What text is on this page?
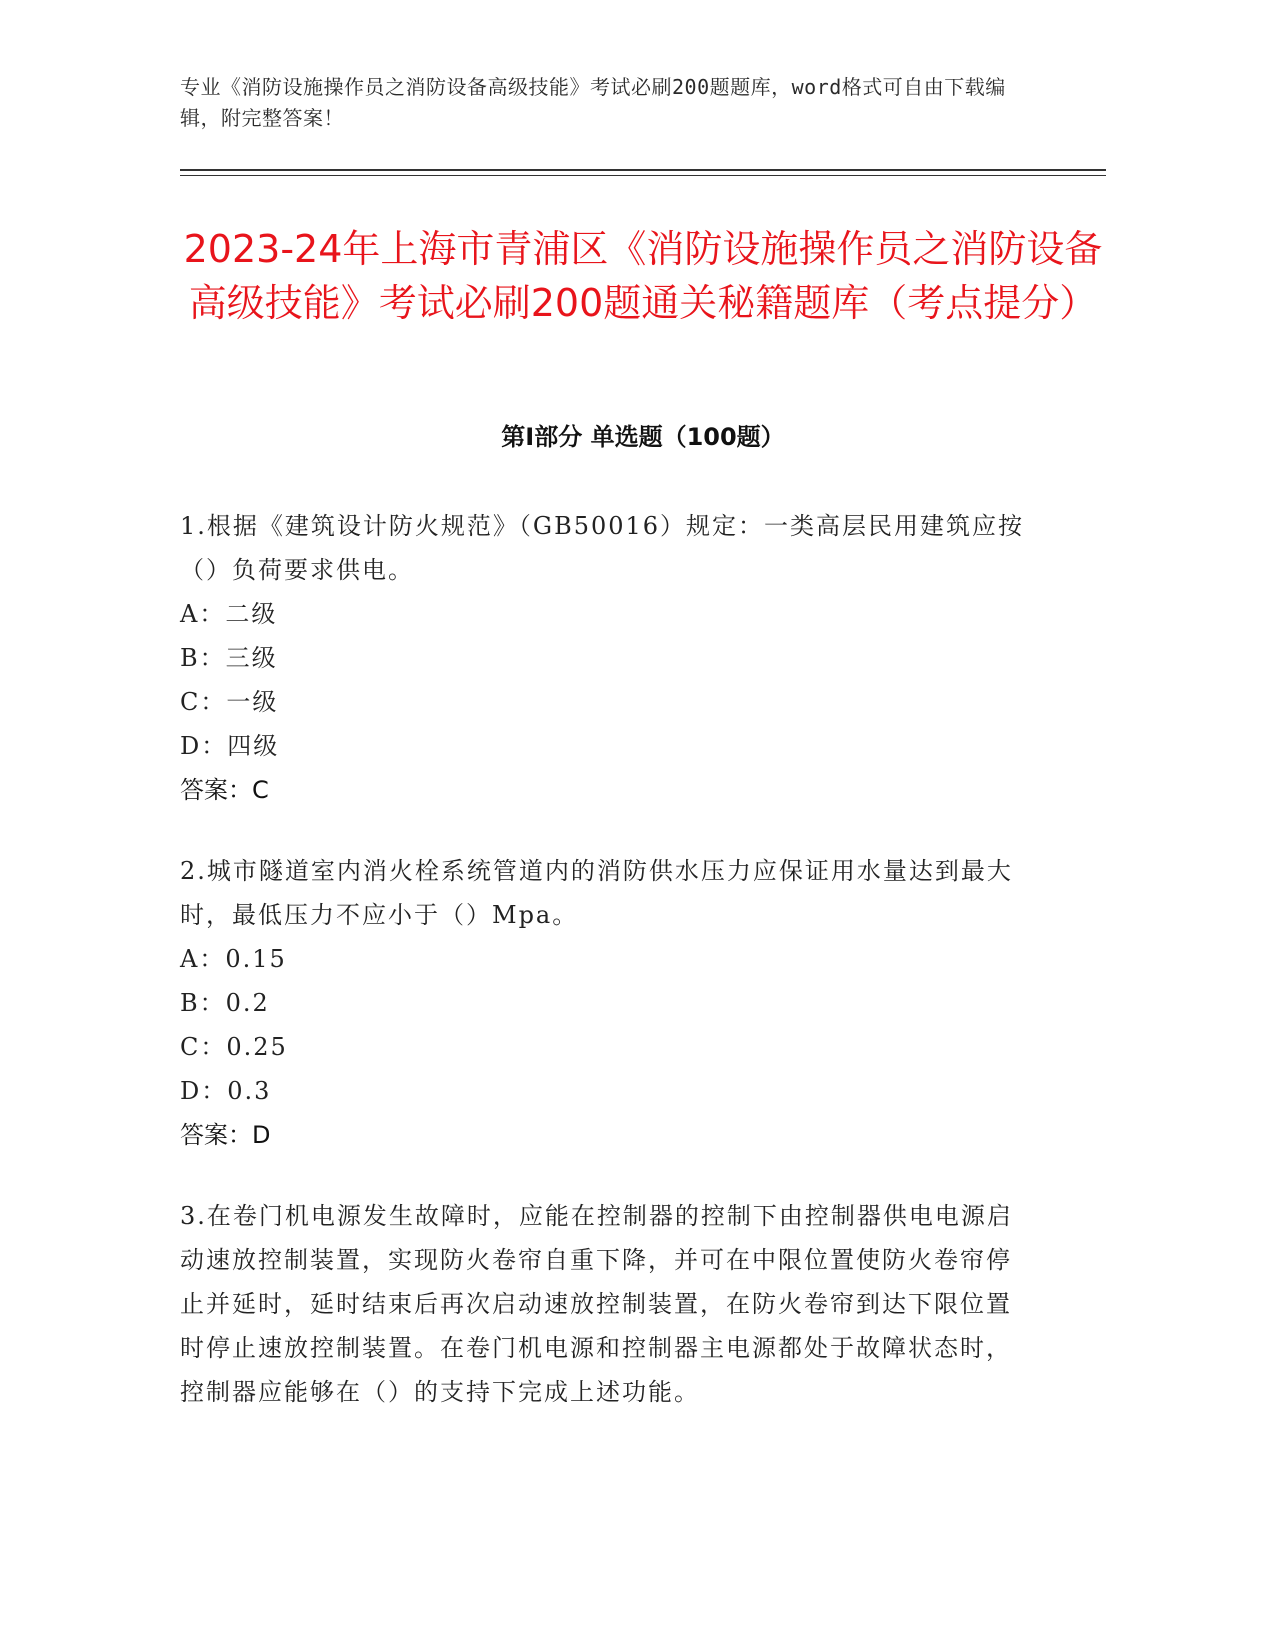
专业《消防设施操作员之消防设备高级技能》考试必刷200题题库，word格式可自由下载编辑，附完整答案！
2023-24年上海市青浦区《消防设施操作员之消防设备高级技能》考试必刷200题通关秘籍题库（考点提分）
第Ⅰ部分 单选题（100题）

1.根据《建筑设计防火规范》（GB50016）规定：一类高层民用建筑应按（）负荷要求供电。

A：二级

B：三级

C：一级

D：四级

答案：C

2.城市隧道室内消火栓系统管道内的消防供水压力应保证用水量达到最大时，最低压力不应小于（）Mpa。

A：0.15

B：0.2

C：0.25

D：0.3

答案：D

3.在卷门机电源发生故障时，应能在控制器的控制下由控制器供电电源启动速放控制装置，实现防火卷帘自重下降，并可在中限位置使防火卷帘停止并延时，延时结束后再次启动速放控制装置，在防火卷帘到达下限位置时停止速放控制装置。在卷门机电源和控制器主电源都处于故障状态时，控制器应能够在（）的支持下完成上述功能。
